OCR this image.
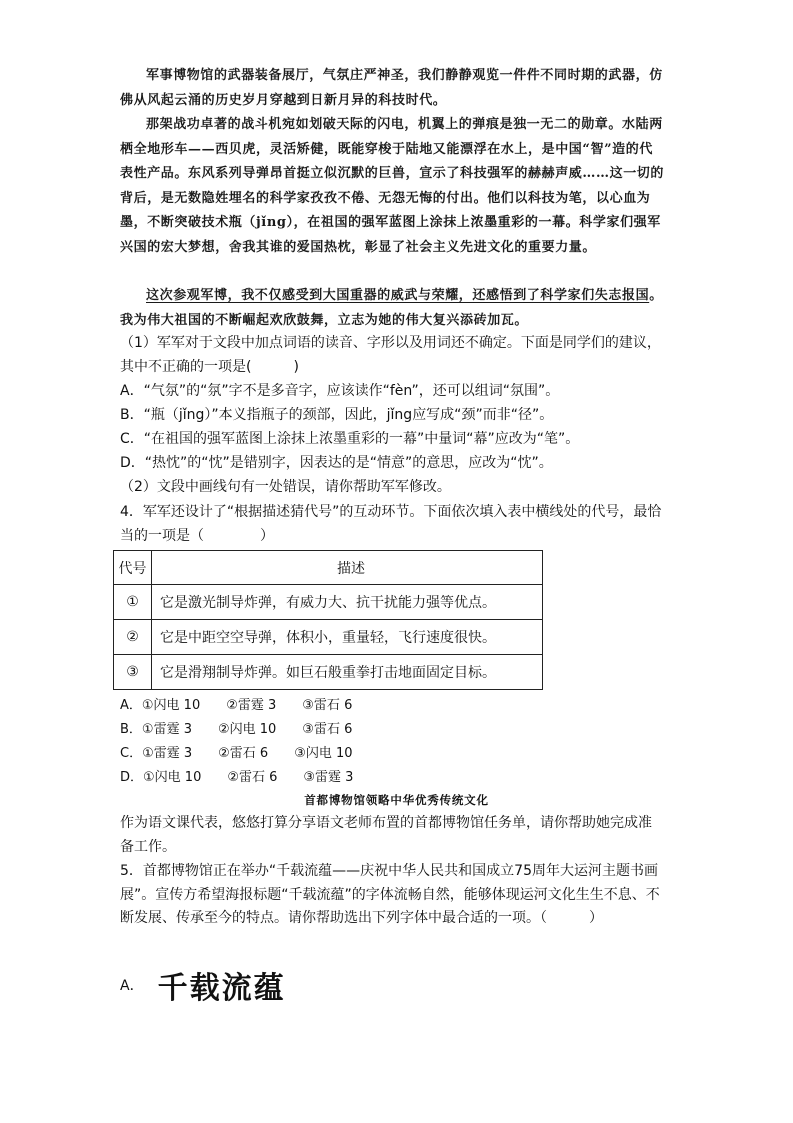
军事博物馆的武器装备展厅，气氛庄严神圣，我们静静观览一件件不同时期的武器，仿佛从风起云涌的历史岁月穿越到日新月异的科技时代。

那架战功卓著的战斗机宛如划破天际的闪电，机翼上的弹痕是独一无二的勋章。水陆两栖全地形车——西贝虎，灵活矫健，既能穿梭于陆地又能漂浮在水上，是中国“智”造的代表性产品。东风系列导弹昂首挺立似沉默的巨兽，宣示了科技强军的赫赫声威……这一切的背后，是无数隐姓埋名的科学家孜孜不倦、无怨无悔的付出。他们以科技为笔，以心血为墨，不断突破技术瓶（jǐng），在祖国的强军蓝图上涂抹上浓墨重彩的一幕。科学家们强军兴国的宏大梦想，舍我其谁的爱国热枕，彰显了社会主义先进文化的重要力量。

这次参观军博，我不仅感受到大国重器的威武与荣耀，还感悟到了科学家们失志报国。我为伟大祖国的不断崛起欢欣鼓舞，立志为她的伟大复兴添砖加瓦。

（1）军军对于文段中加点词语的读音、字形以及用词还不确定。下面是同学们的建议，其中不正确的一项是(　　　)

A．“气氛”的“氛”字不是多音字，应该读作“fèn”，还可以组词“氛围”。

B．“瓶（jǐng）”本义指瓶子的颈部，因此，jǐng应写成“颈”而非“径”。

C．“在祖国的强军蓝图上涂抹上浓墨重彩的一幕”中量词“幕”应改为“笔”。

D．“热忱”的“忱”是错别字，因表达的是“情意”的意思，应改为“忱”。

（2）文段中画线句有一处错误，请你帮助军军修改。

4．军军还设计了“根据描述猜代号”的互动环节。下面依次填入表中横线处的代号，最恰当的一项是（　　　　）

代号	描述
①	它是激光制导炸弹，有威力大、抗干扰能力强等优点。
②	它是中距空空导弹，体积小，重量轻，飞行速度很快。
③	它是滑翔制导炸弹。如巨石般重拳打击地面固定目标。
A．①闪电 10　　②雷霆 3　　③雷石 6
B．①雷霆 3　　②闪电 10　　③雷石 6
C．①雷霆 3　　②雷石 6　　③闪电 10
D．①闪电 10　　②雷石 6　　③雷霆 3
首都博物馆领略中华优秀传统文化

作为语文课代表，悠悠打算分享语文老师布置的首都博物馆任务单，请你帮助她完成准备工作。

5．首都博物馆正在举办“千载流蕴——庆祝中华人民共和国成立75周年大运河主题书画展”。宣传方希望海报标题“千载流蕴”的字体流畅自然，能够体现运河文化生生不息、不断发展、传承至今的特点。请你帮助选出下列字体中最合适的一项。（　　　）

A． 千载流蕴
